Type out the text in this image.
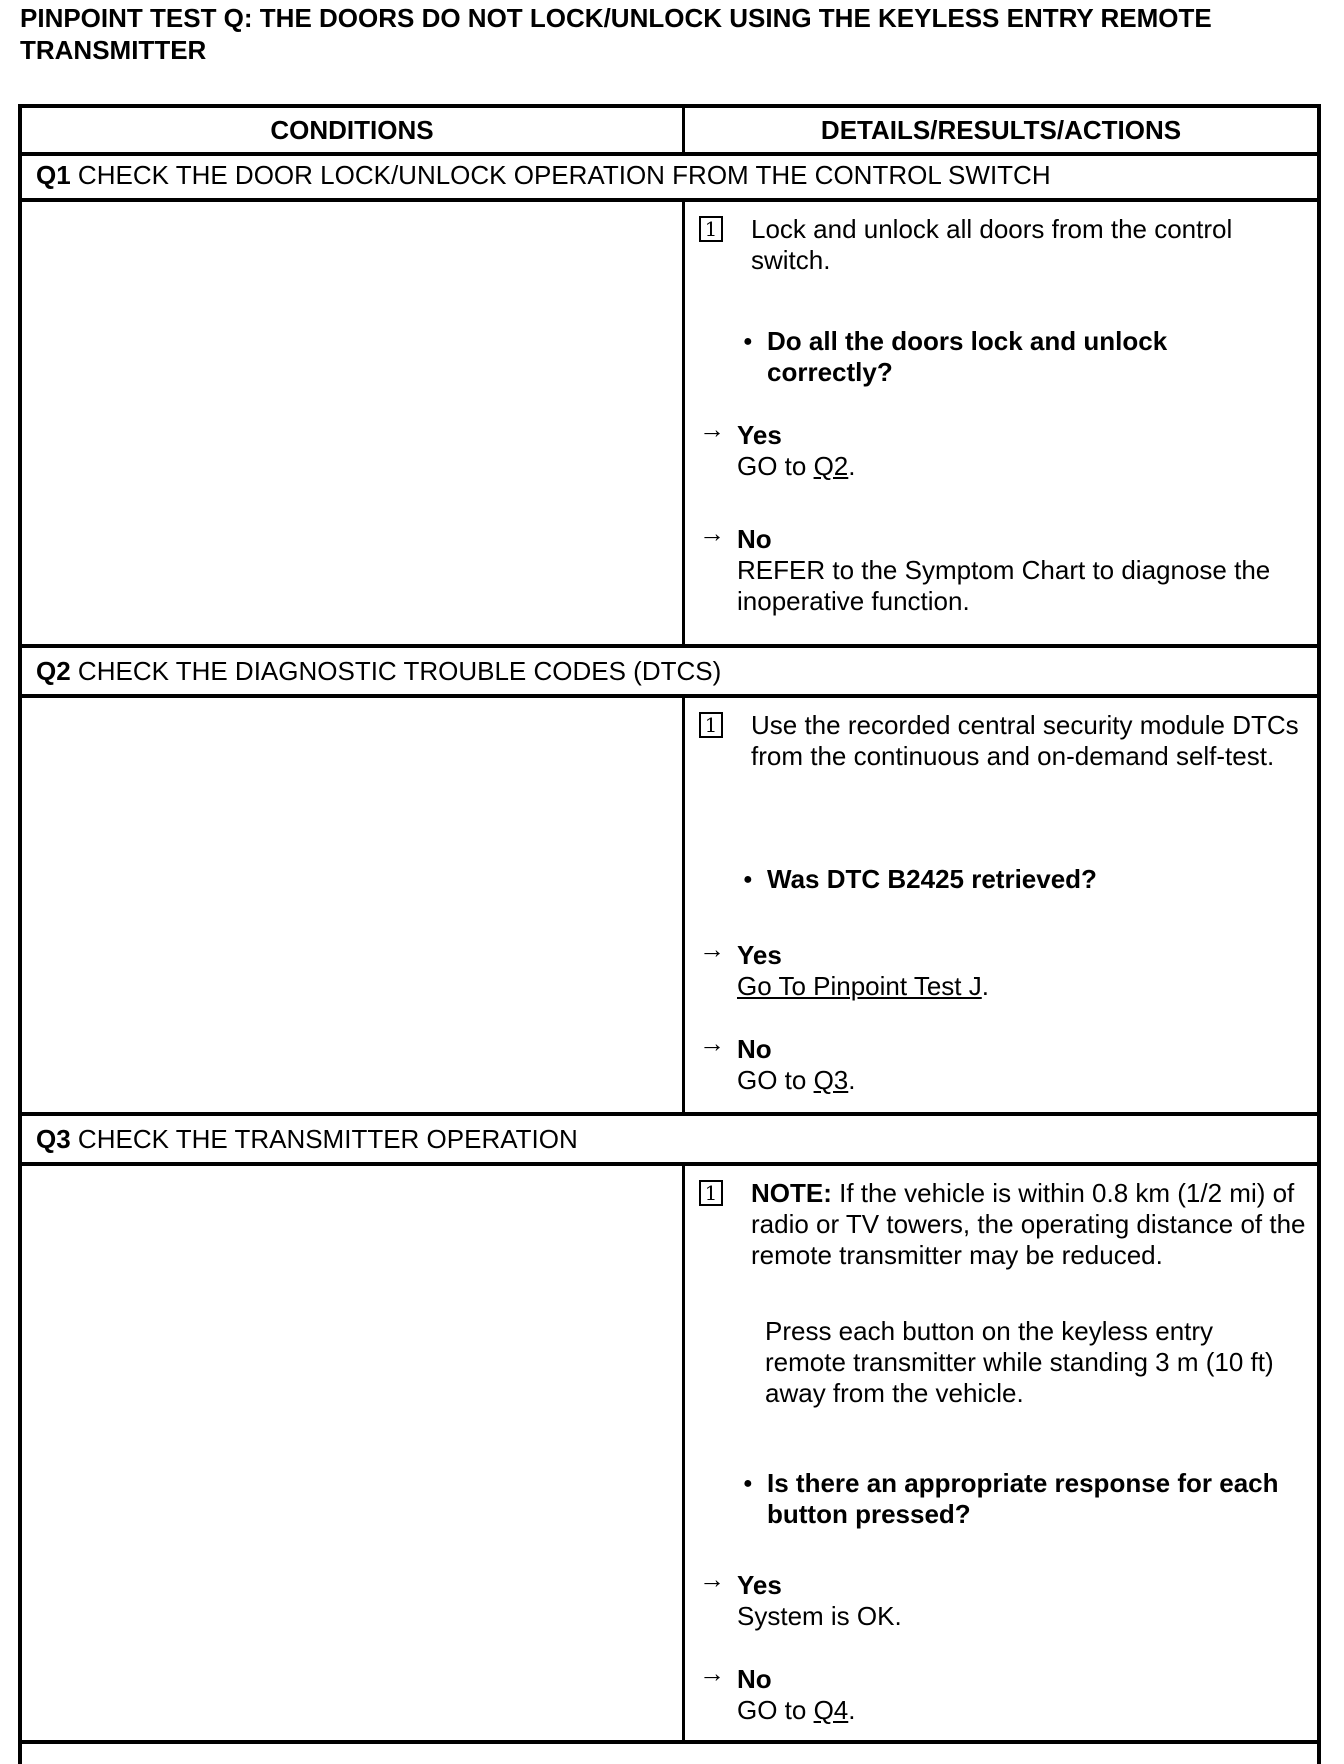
PINPOINT TEST Q: THE DOORS DO NOT LOCK/UNLOCK USING THE KEYLESS ENTRY REMOTE TRANSMITTER
CONDITIONS	DETAILS/RESULTS/ACTIONS
Q1 CHECK THE DOOR LOCK/UNLOCK OPERATION FROM THE CONTROL SWITCH
1 Lock and unlock all doors from the control switch.
● Do all the doors lock and unlock correctly?
→ Yes
GO to Q2.
→ No
REFER to the Symptom Chart to diagnose the inoperative function.
Q2 CHECK THE DIAGNOSTIC TROUBLE CODES (DTCS)
1 Use the recorded central security module DTCs from the continuous and on-demand self-test.
● Was DTC B2425 retrieved?
→ Yes
Go To Pinpoint Test J.
→ No
GO to Q3.
Q3 CHECK THE TRANSMITTER OPERATION
1 NOTE: If the vehicle is within 0.8 km (1/2 mi) of radio or TV towers, the operating distance of the remote transmitter may be reduced.
Press each button on the keyless entry remote transmitter while standing 3 m (10 ft) away from the vehicle.
● Is there an appropriate response for each button pressed?
→ Yes
System is OK.
→ No
GO to Q4.
